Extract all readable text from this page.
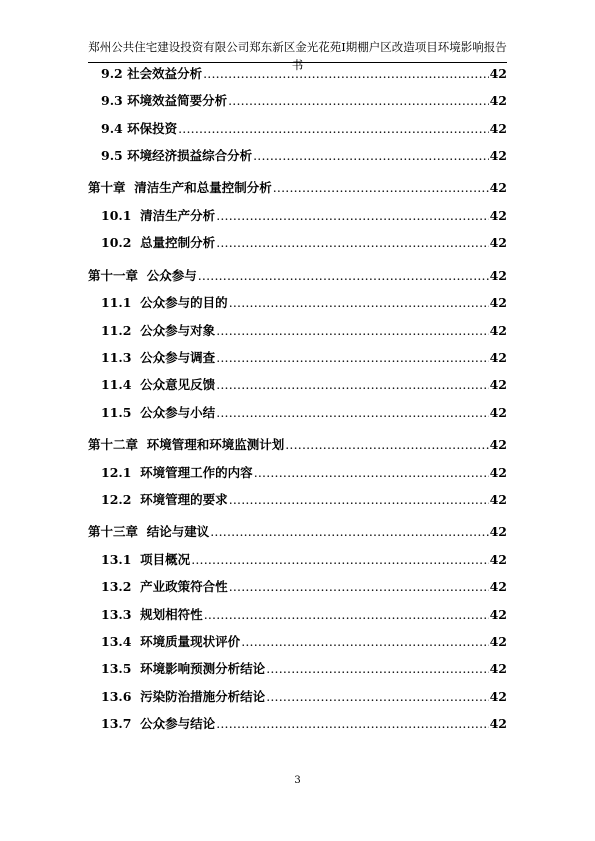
郑州公共住宅建设投资有限公司郑东新区金光花苑Ⅰ期棚户区改造项目环境影响报告书
9.2 社会效益分析 .....	42
9.3 环境效益简要分析 .....	42
9.4 环保投资 .....	42
9.5 环境经济损益综合分析 .....	42
第十章 清洁生产和总量控制分析 .....	42
10.1 清洁生产分析 .....	42
10.2 总量控制分析 .....	42
第十一章 公众参与 .....	42
11.1 公众参与的目的 .....	42
11.2 公众参与对象 .....	42
11.3 公众参与调查 .....	42
11.4 公众意见反馈 .....	42
11.5 公众参与小结 .....	42
第十二章 环境管理和环境监测计划 .....	42
12.1 环境管理工作的内容 .....	42
12.2 环境管理的要求 .....	42
第十三章 结论与建议 .....	42
13.1 项目概况 .....	42
13.2 产业政策符合性 .....	42
13.3 规划相符性 .....	42
13.4 环境质量现状评价 .....	42
13.5 环境影响预测分析结论 .....	42
13.6 污染防治措施分析结论 .....	42
13.7 公众参与结论 .....	42
3
